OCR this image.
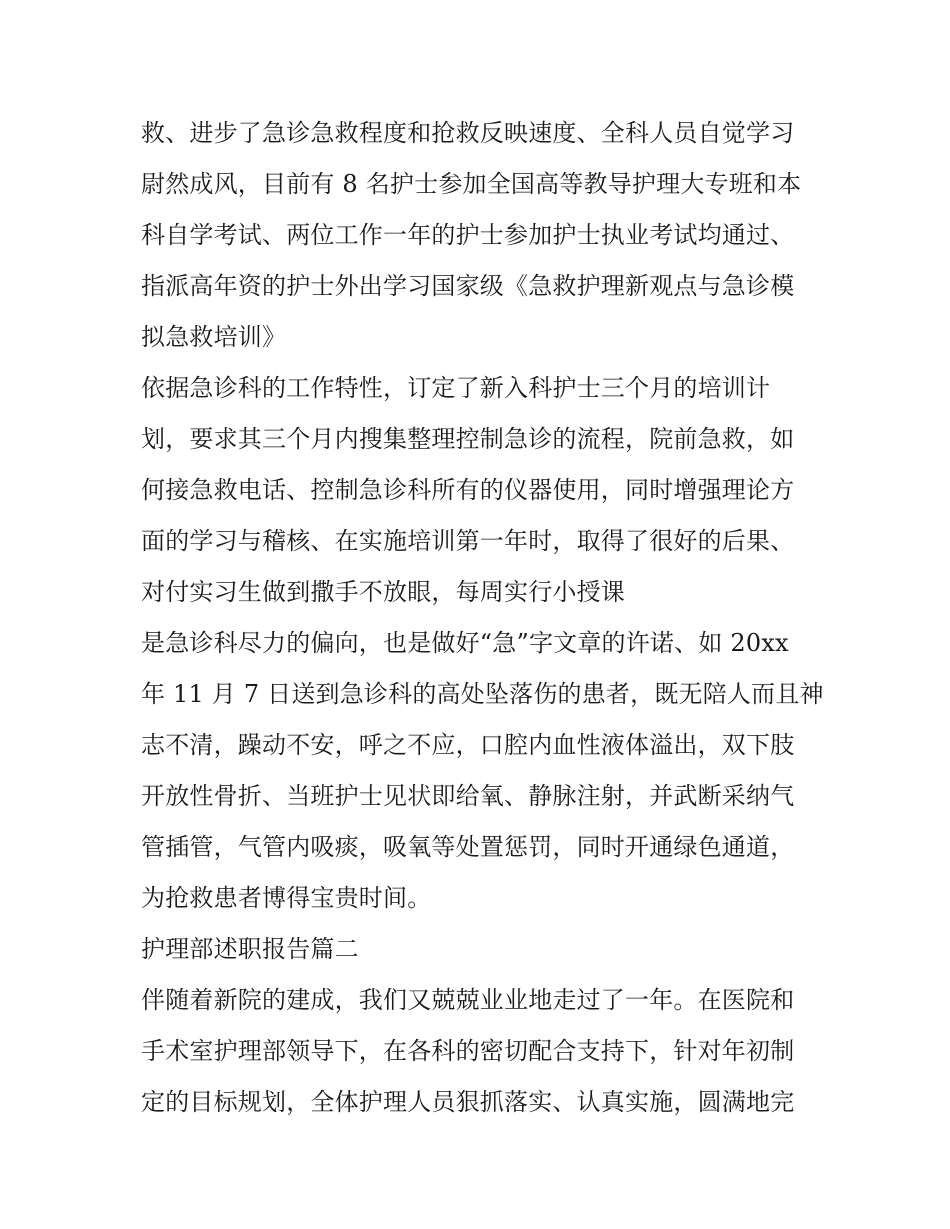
救、进步了急诊急救程度和抢救反映速度、全科人员自觉学习
尉然成风，目前有 8 名护士参加全国高等教导护理大专班和本
科自学考试、两位工作一年的护士参加护士执业考试均通过、
指派高年资的护士外出学习国家级《急救护理新观点与急诊模
拟急救培训》
依据急诊科的工作特性，订定了新入科护士三个月的培训计
划，要求其三个月内搜集整理控制急诊的流程，院前急救，如
何接急救电话、控制急诊科所有的仪器使用，同时增强理论方
面的学习与稽核、在实施培训第一年时，取得了很好的后果、
对付实习生做到撒手不放眼，每周实行小授课
是急诊科尽力的偏向，也是做好“急”字文章的许诺、如 20xx
年 11 月 7 日送到急诊科的高处坠落伤的患者，既无陪人而且神
志不清，躁动不安，呼之不应，口腔内血性液体溢出，双下肢
开放性骨折、当班护士见状即给氧、静脉注射，并武断采纳气
管插管，气管内吸痰，吸氧等处置惩罚，同时开通绿色通道，
为抢救患者博得宝贵时间。
护理部述职报告篇二
伴随着新院的建成，我们又兢兢业业地走过了一年。在医院和
手术室护理部领导下，在各科的密切配合支持下，针对年初制
定的目标规划，全体护理人员狠抓落实、认真实施，圆满地完
